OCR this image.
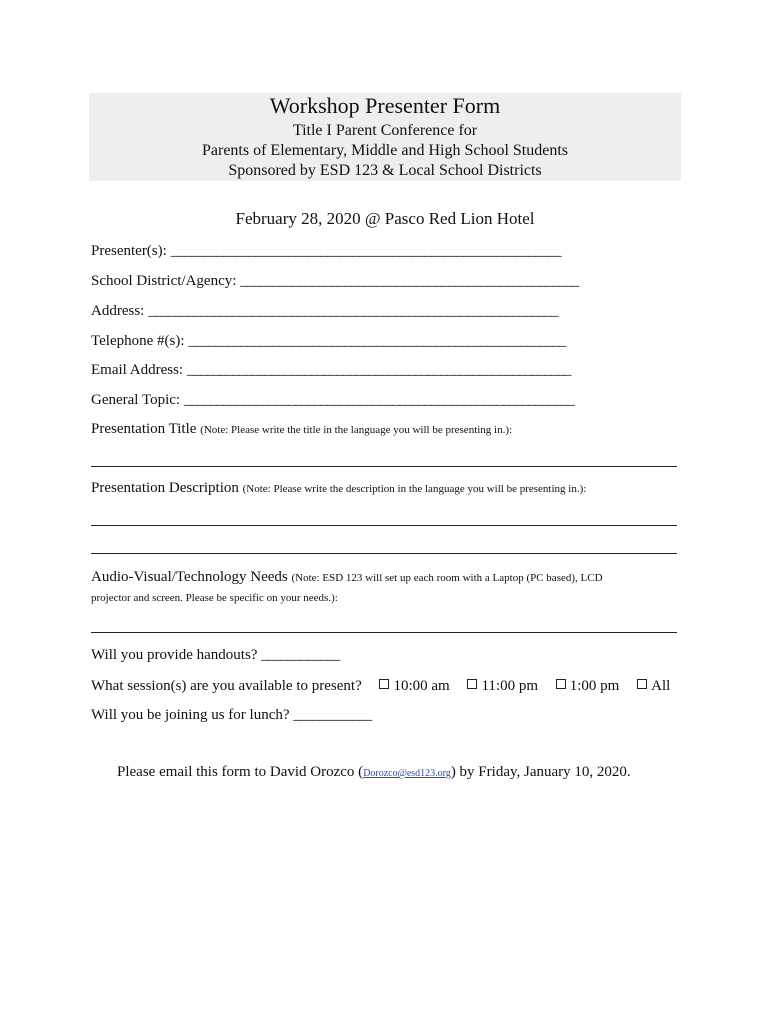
Workshop Presenter Form
Title I Parent Conference for
Parents of Elementary, Middle and High School Students
Sponsored by ESD 123 & Local School Districts
February 28, 2020 @ Pasco Red Lion Hotel
Presenter(s): ____________________________________________________________
School District/Agency: ____________________________________________________
Address: _______________________________________________________________
Telephone #(s): __________________________________________________________
Email Address: ___________________________________________________________
General Topic: ____________________________________________________________
Presentation Title (Note: Please write the title in the language you will be presenting in.):
Presentation Description (Note: Please write the description in the language you will be presenting in.):
Audio-Visual/Technology Needs (Note: ESD 123 will set up each room with a Laptop (PC based), LCD
projector and screen. Please be specific on your needs.):
Will you provide handouts? ____________
What session(s) are you available to present? 10:00 am 11:00 pm 1:00 pm All
Will you be joining us for lunch? ____________
Please email this form to David Orozco (Dorozco@esd123.org) by Friday, January 10, 2020.
